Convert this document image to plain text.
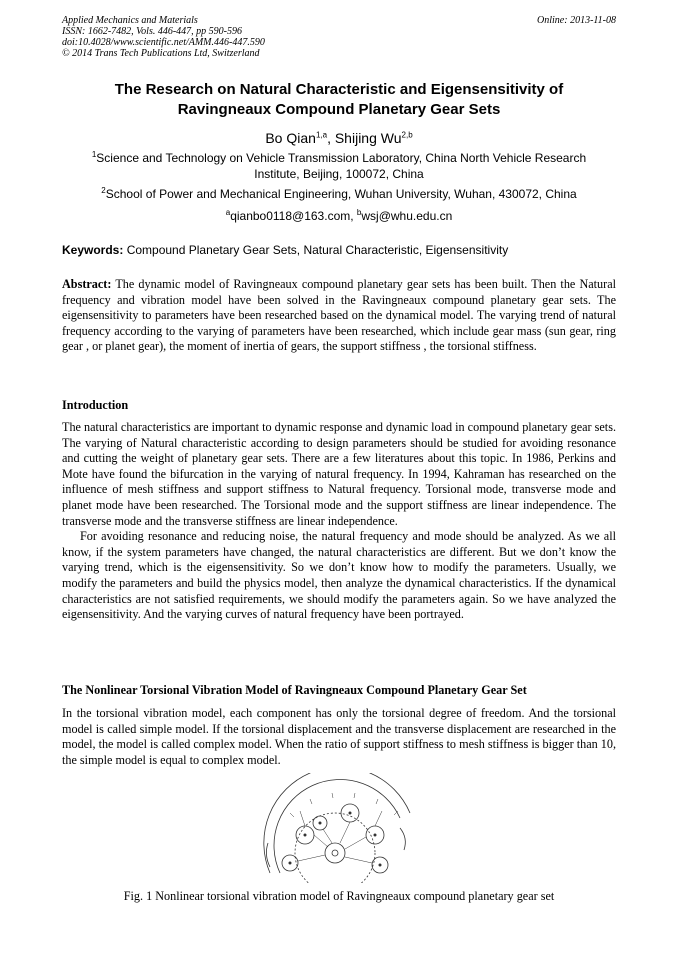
Applied Mechanics and Materials
ISSN: 1662-7482, Vols. 446-447, pp 590-596
doi:10.4028/www.scientific.net/AMM.446-447.590
© 2014 Trans Tech Publications Ltd, Switzerland
Online: 2013-11-08
The Research on Natural Characteristic and Eigensensitivity of
Ravingneaux Compound Planetary Gear Sets
Bo Qian$^{1,a}$, Shijing Wu$^{2,b}$
$^1$Science and Technology on Vehicle Transmission Laboratory, China North Vehicle Research
Institute, Beijing, 100072, China
$^2$School of Power and Mechanical Engineering, Wuhan University, Wuhan, 430072, China
$^a$qianbo0118@163.com, $^b$wsj@whu.edu.cn
Keywords: Compound Planetary Gear Sets, Natural Characteristic, Eigensensitivity
Abstract: The dynamic model of Ravingneaux compound planetary gear sets has been built. Then the Natural frequency and vibration model have been solved in the Ravingneaux compound planetary gear sets. The eigensensitivity to parameters have been researched based on the dynamical model. The varying trend of natural frequency according to the varying of parameters have been researched, which include gear mass (sun gear, ring gear , or planet gear), the moment of inertia of gears, the support stiffness , the torsional stiffness.
Introduction
The natural characteristics are important to dynamic response and dynamic load in compound planetary gear sets. The varying of Natural characteristic according to design parameters should be studied for avoiding resonance and cutting the weight of planetary gear sets. There are a few literatures about this topic. In 1986, Perkins and Mote have found the bifurcation in the varying of natural frequency. In 1994, Kahraman has researched on the influence of mesh stiffness and support stiffness to Natural frequency. Torsional mode, transverse mode and planet mode have been researched. The Torsional mode and the support stiffness are linear independence. The transverse mode and the transverse stiffness are linear independence.
For avoiding resonance and reducing noise, the natural frequency and mode should be analyzed. As we all know, if the system parameters have changed, the natural characteristics are different. But we don’t know the varying trend, which is the eigensensitivity. So we don’t know how to modify the parameters. Usually, we modify the parameters and build the physics model, then analyze the dynamical characteristics. If the dynamical characteristics are not satisfied requirements, we should modify the parameters again. So we have analyzed the eigensensitivity. And the varying curves of natural frequency have been portrayed.
The Nonlinear Torsional Vibration Model of Ravingneaux Compound Planetary Gear Set
In the torsional vibration model, each component has only the torsional degree of freedom. And the torsional model is called simple model. If the torsional displacement and the transverse displacement are researched in the model, the model is called complex model. When the ratio of support stiffness to mesh stiffness is bigger than 10, the simple model is equal to complex model.
Fig. 1 Nonlinear torsional vibration model of Ravingneaux compound planetary gear set
